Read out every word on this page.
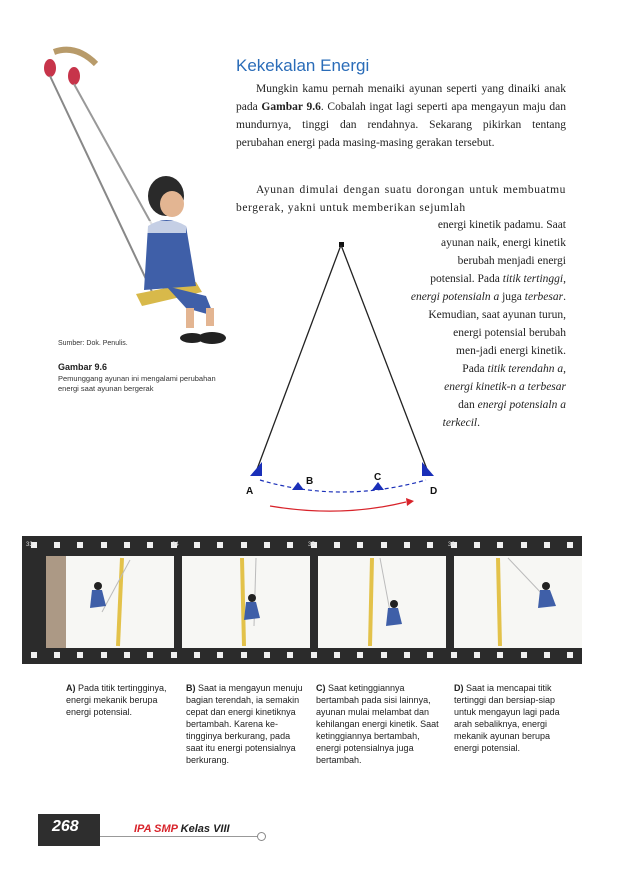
Sumber: Dok. Penulis.
Gambar 9.6
Pemunggang ayunan ini mengalami perubahan energi saat ayunan bergerak
Kekekalan Energi
Mungkin kamu pernah menaiki ayunan seperti yang dinaiki anak pada Gambar 9.6. Cobalah ingat lagi seperti apa mengayun maju dan mundurnya, tinggi dan rendahnya. Sekarang pikirkan tentang perubahan energi pada masing-masing gerakan tersebut.
Ayunan dimulai dengan suatu dorongan untuk membuatmu bergerak, yakni untuk memberikan sejumlah
energi kinetik padamu. Saat
ayunan naik, energi kinetik
berubah menjadi energi
potensial. Pada titik tertinggi,
energi potensialn a juga terbesar.
Kemudian, saat ayunan turun,
energi potensial berubah
men-jadi energi kinetik.
Pada titik terendahn a,
energi kinetik-n a terbesar
dan energi potensialn a
terkecil.
A
B	C
D
33	34	35	36
A) Pada titik tertingginya, energi mekanik berupa energi potensial.
B) Saat ia mengayun menuju bagian terendah, ia semakin cepat dan energi kinetiknya bertambah. Karena ke-tingginya berkurang, pada saat itu energi potensialnya berkurang.
C) Saat ketinggiannya bertambah pada sisi lainnya, ayunan mulai melambat dan kehilangan energi kinetik. Saat ketinggiannya bertambah, energi potensialnya juga bertambah.
D) Saat ia mencapai titik tertinggi dan bersiap-siap untuk mengayun lagi pada arah sebaliknya, energi mekanik ayunan berupa energi potensial.
268	IPA SMP Kelas VIII
